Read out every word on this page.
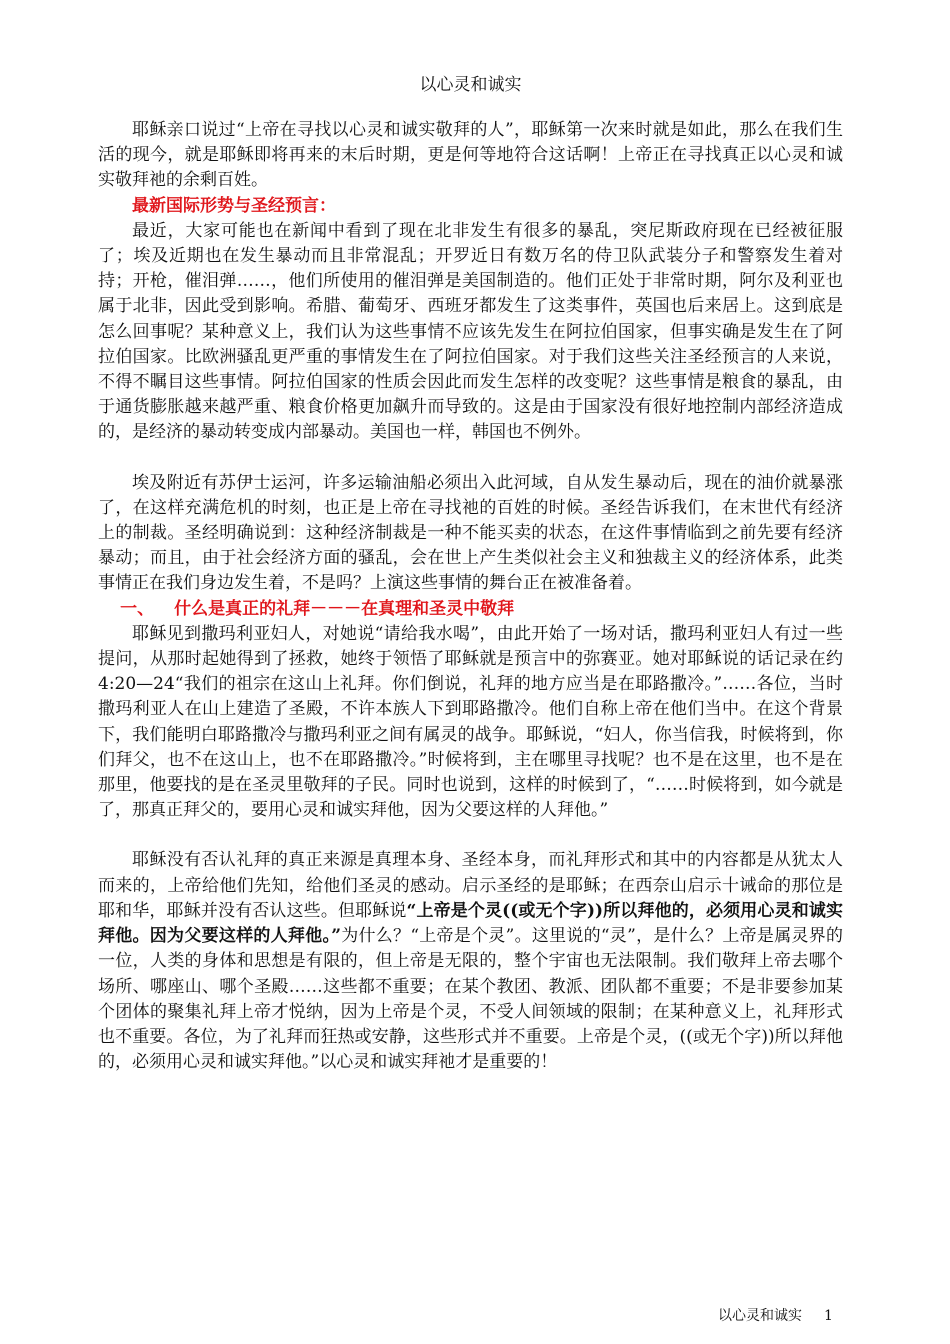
以心灵和诚实

耶稣亲口说过“上帝在寻找以心灵和诚实敬拜的人”，耶稣第一次来时就是如此，那么在我们生活的现今，就是耶稣即将再来的末后时期，更是何等地符合这话啊！上帝正在寻找真正以心灵和诚实敬拜祂的余剩百姓。

最新国际形势与圣经预言：

最近，大家可能也在新闻中看到了现在北非发生有很多的暴乱，突尼斯政府现在已经被征服了；埃及近期也在发生暴动而且非常混乱；开罗近日有数万名的侍卫队武装分子和警察发生着对持；开枪，催泪弹……，他们所使用的催泪弹是美国制造的。他们正处于非常时期，阿尔及利亚也属于北非，因此受到影响。希腊、葡萄牙、西班牙都发生了这类事件，英国也后来居上。这到底是怎么回事呢？某种意义上，我们认为这些事情不应该先发生在阿拉伯国家，但事实确是发生在了阿拉伯国家。比欧洲骚乱更严重的事情发生在了阿拉伯国家。对于我们这些关注圣经预言的人来说，不得不瞩目这些事情。阿拉伯国家的性质会因此而发生怎样的改变呢？这些事情是粮食的暴乱，由于通货膨胀越来越严重、粮食价格更加飙升而导致的。这是由于国家没有很好地控制内部经济造成的，是经济的暴动转变成内部暴动。美国也一样，韩国也不例外。

埃及附近有苏伊士运河，许多运输油船必须出入此河域，自从发生暴动后，现在的油价就暴涨了，在这样充满危机的时刻，也正是上帝在寻找祂的百姓的时候。圣经告诉我们，在末世代有经济上的制裁。圣经明确说到：这种经济制裁是一种不能买卖的状态，在这件事情临到之前先要有经济暴动；而且，由于社会经济方面的骚乱，会在世上产生类似社会主义和独裁主义的经济体系，此类事情正在我们身边发生着，不是吗？上演这些事情的舞台正在被准备着。

一、 什么是真正的礼拜－－－在真理和圣灵中敬拜

耶稣见到撒玛利亚妇人，对她说“请给我水喝”，由此开始了一场对话，撒玛利亚妇人有过一些提问，从那时起她得到了拯救，她终于领悟了耶稣就是预言中的弥赛亚。她对耶稣说的话记录在约 4:20—24“我们的祖宗在这山上礼拜。你们倒说，礼拜的地方应当是在耶路撒冷。”……各位，当时撒玛利亚人在山上建造了圣殿，不许本族人下到耶路撒冷。他们自称上帝在他们当中。在这个背景下，我们能明白耶路撒冷与撒玛利亚之间有属灵的战争。耶稣说，“妇人，你当信我，时候将到，你们拜父，也不在这山上，也不在耶路撒冷。”时候将到，主在哪里寻找呢？也不是在这里，也不是在那里，他要找的是在圣灵里敬拜的子民。同时也说到，这样的时候到了，“……时候将到，如今就是了，那真正拜父的，要用心灵和诚实拜他，因为父要这样的人拜他。”

耶稣没有否认礼拜的真正来源是真理本身、圣经本身，而礼拜形式和其中的内容都是从犹太人而来的，上帝给他们先知，给他们圣灵的感动。启示圣经的是耶稣；在西奈山启示十诫命的那位是耶和华，耶稣并没有否认这些。但耶稣说“上帝是个灵((或无个字))所以拜他的，必须用心灵和诚实拜他。因为父要这样的人拜他。”为什么？“上帝是个灵”。这里说的“灵”，是什么？上帝是属灵界的一位，人类的身体和思想是有限的，但上帝是无限的，整个宇宙也无法限制。我们敬拜上帝去哪个场所、哪座山、哪个圣殿……这些都不重要；在某个教团、教派、团队都不重要；不是非要参加某个团体的聚集礼拜上帝才悦纳，因为上帝是个灵，不受人间领域的限制；在某种意义上，礼拜形式也不重要。各位，为了礼拜而狂热或安静，这些形式并不重要。上帝是个灵，((或无个字))所以拜他的，必须用心灵和诚实拜他。”以心灵和诚实拜祂才是重要的！

以心灵和诚实 1
